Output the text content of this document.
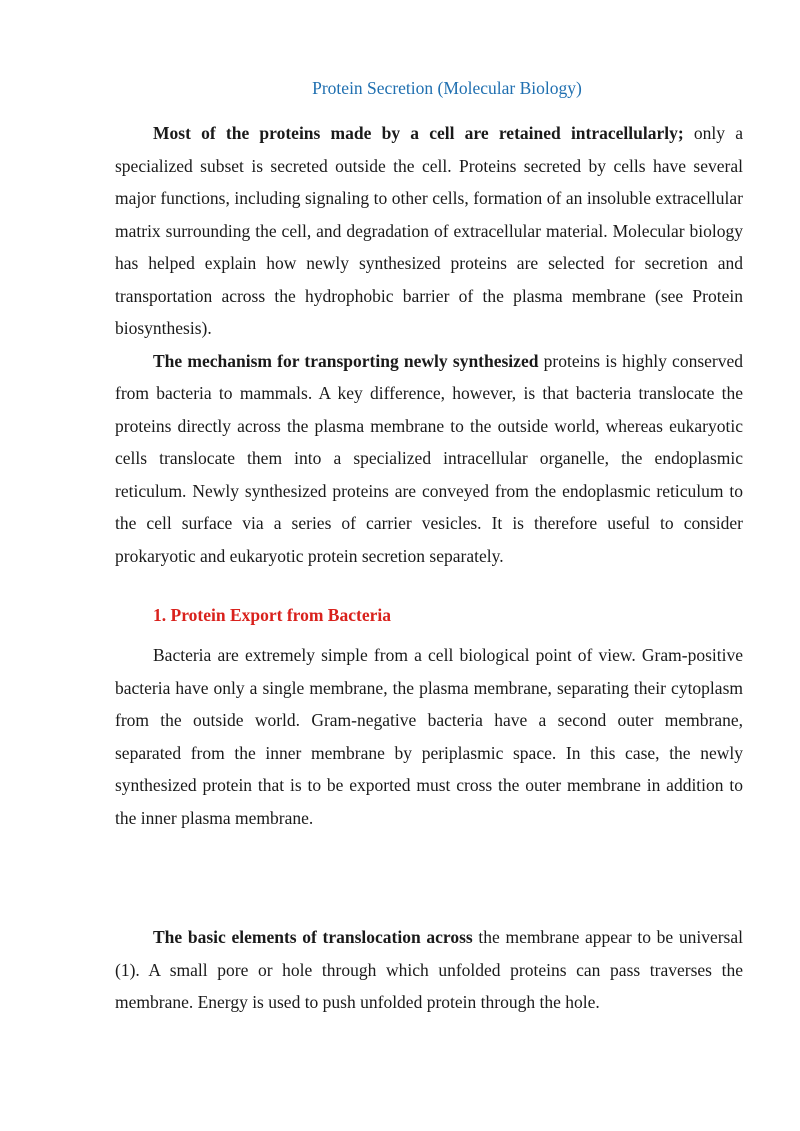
Protein Secretion (Molecular Biology)

Most of the proteins made by a cell are retained intracellularly; only a specialized subset is secreted outside the cell. Proteins secreted by cells have several major functions, including signaling to other cells, formation of an insoluble extracellular matrix surrounding the cell, and degradation of extracellular material. Molecular biology has helped explain how newly synthesized proteins are selected for secretion and transportation across the hydrophobic barrier of the plasma membrane (see Protein biosynthesis).

The mechanism for transporting newly synthesized proteins is highly conserved from bacteria to mammals. A key difference, however, is that bacteria translocate the proteins directly across the plasma membrane to the outside world, whereas eukaryotic cells translocate them into a specialized intracellular organelle, the endoplasmic reticulum. Newly synthesized proteins are conveyed from the endoplasmic reticulum to the cell surface via a series of carrier vesicles. It is therefore useful to consider prokaryotic and eukaryotic protein secretion separately.

1. Protein Export from Bacteria

Bacteria are extremely simple from a cell biological point of view. Gram-positive bacteria have only a single membrane, the plasma membrane, separating their cytoplasm from the outside world. Gram-negative bacteria have a second outer membrane, separated from the inner membrane by periplasmic space. In this case, the newly synthesized protein that is to be exported must cross the outer membrane in addition to the inner plasma membrane.

The basic elements of translocation across the membrane appear to be universal (1). A small pore or hole through which unfolded proteins can pass traverses the membrane. Energy is used to push unfolded protein through the hole.
